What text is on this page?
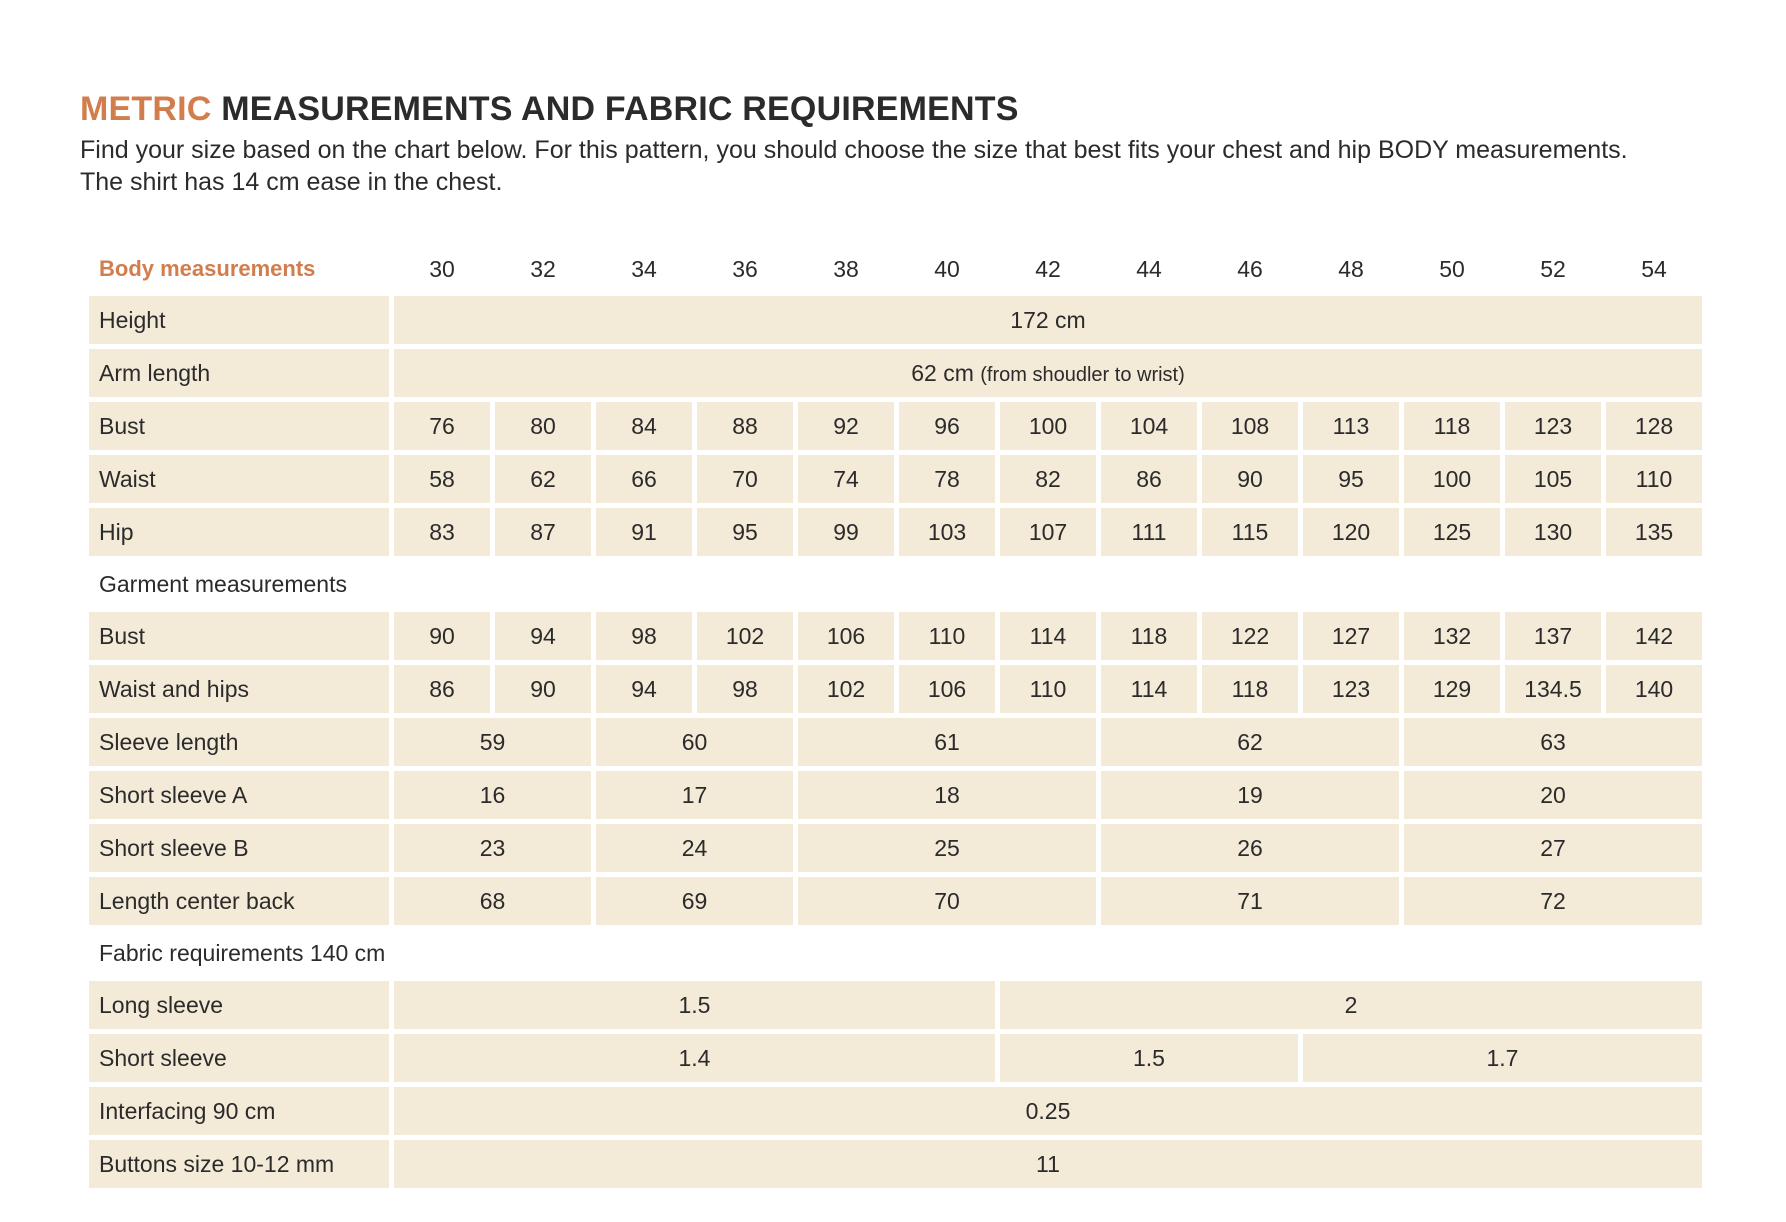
METRIC MEASUREMENTS AND FABRIC REQUIREMENTS

Find your size based on the chart below. For this pattern, you should choose the size that best fits your chest and hip BODY measurements. The shirt has 14 cm ease in the chest.

Body measurements	30	32	34	36	38	40	42	44	46	48	50	52	54
Height	172 cm												
Arm length	62 cm (from shoudler to wrist)												
Bust	76	80	84	88	92	96	100	104	108	113	118	123	128
Waist	58	62	66	70	74	78	82	86	90	95	100	105	110
Hip	83	87	91	95	99	103	107	111	115	120	125	130	135
Garment measurements													
Bust	90	94	98	102	106	110	114	118	122	127	132	137	142
Waist and hips	86	90	94	98	102	106	110	114	118	123	129	134.5	140
Sleeve length	59		60		61			62			63		
Short sleeve A	16		17		18			19			20		
Short sleeve B	23		24		25			26			27		
Length center back	68		69		70			71			72		
Fabric requirements 140 cm													
Long sleeve	1.5						2						
Short sleeve	1.4						1.5			1.7			
Interfacing 90 cm	0.25												
Buttons size 10-12 mm	11												
